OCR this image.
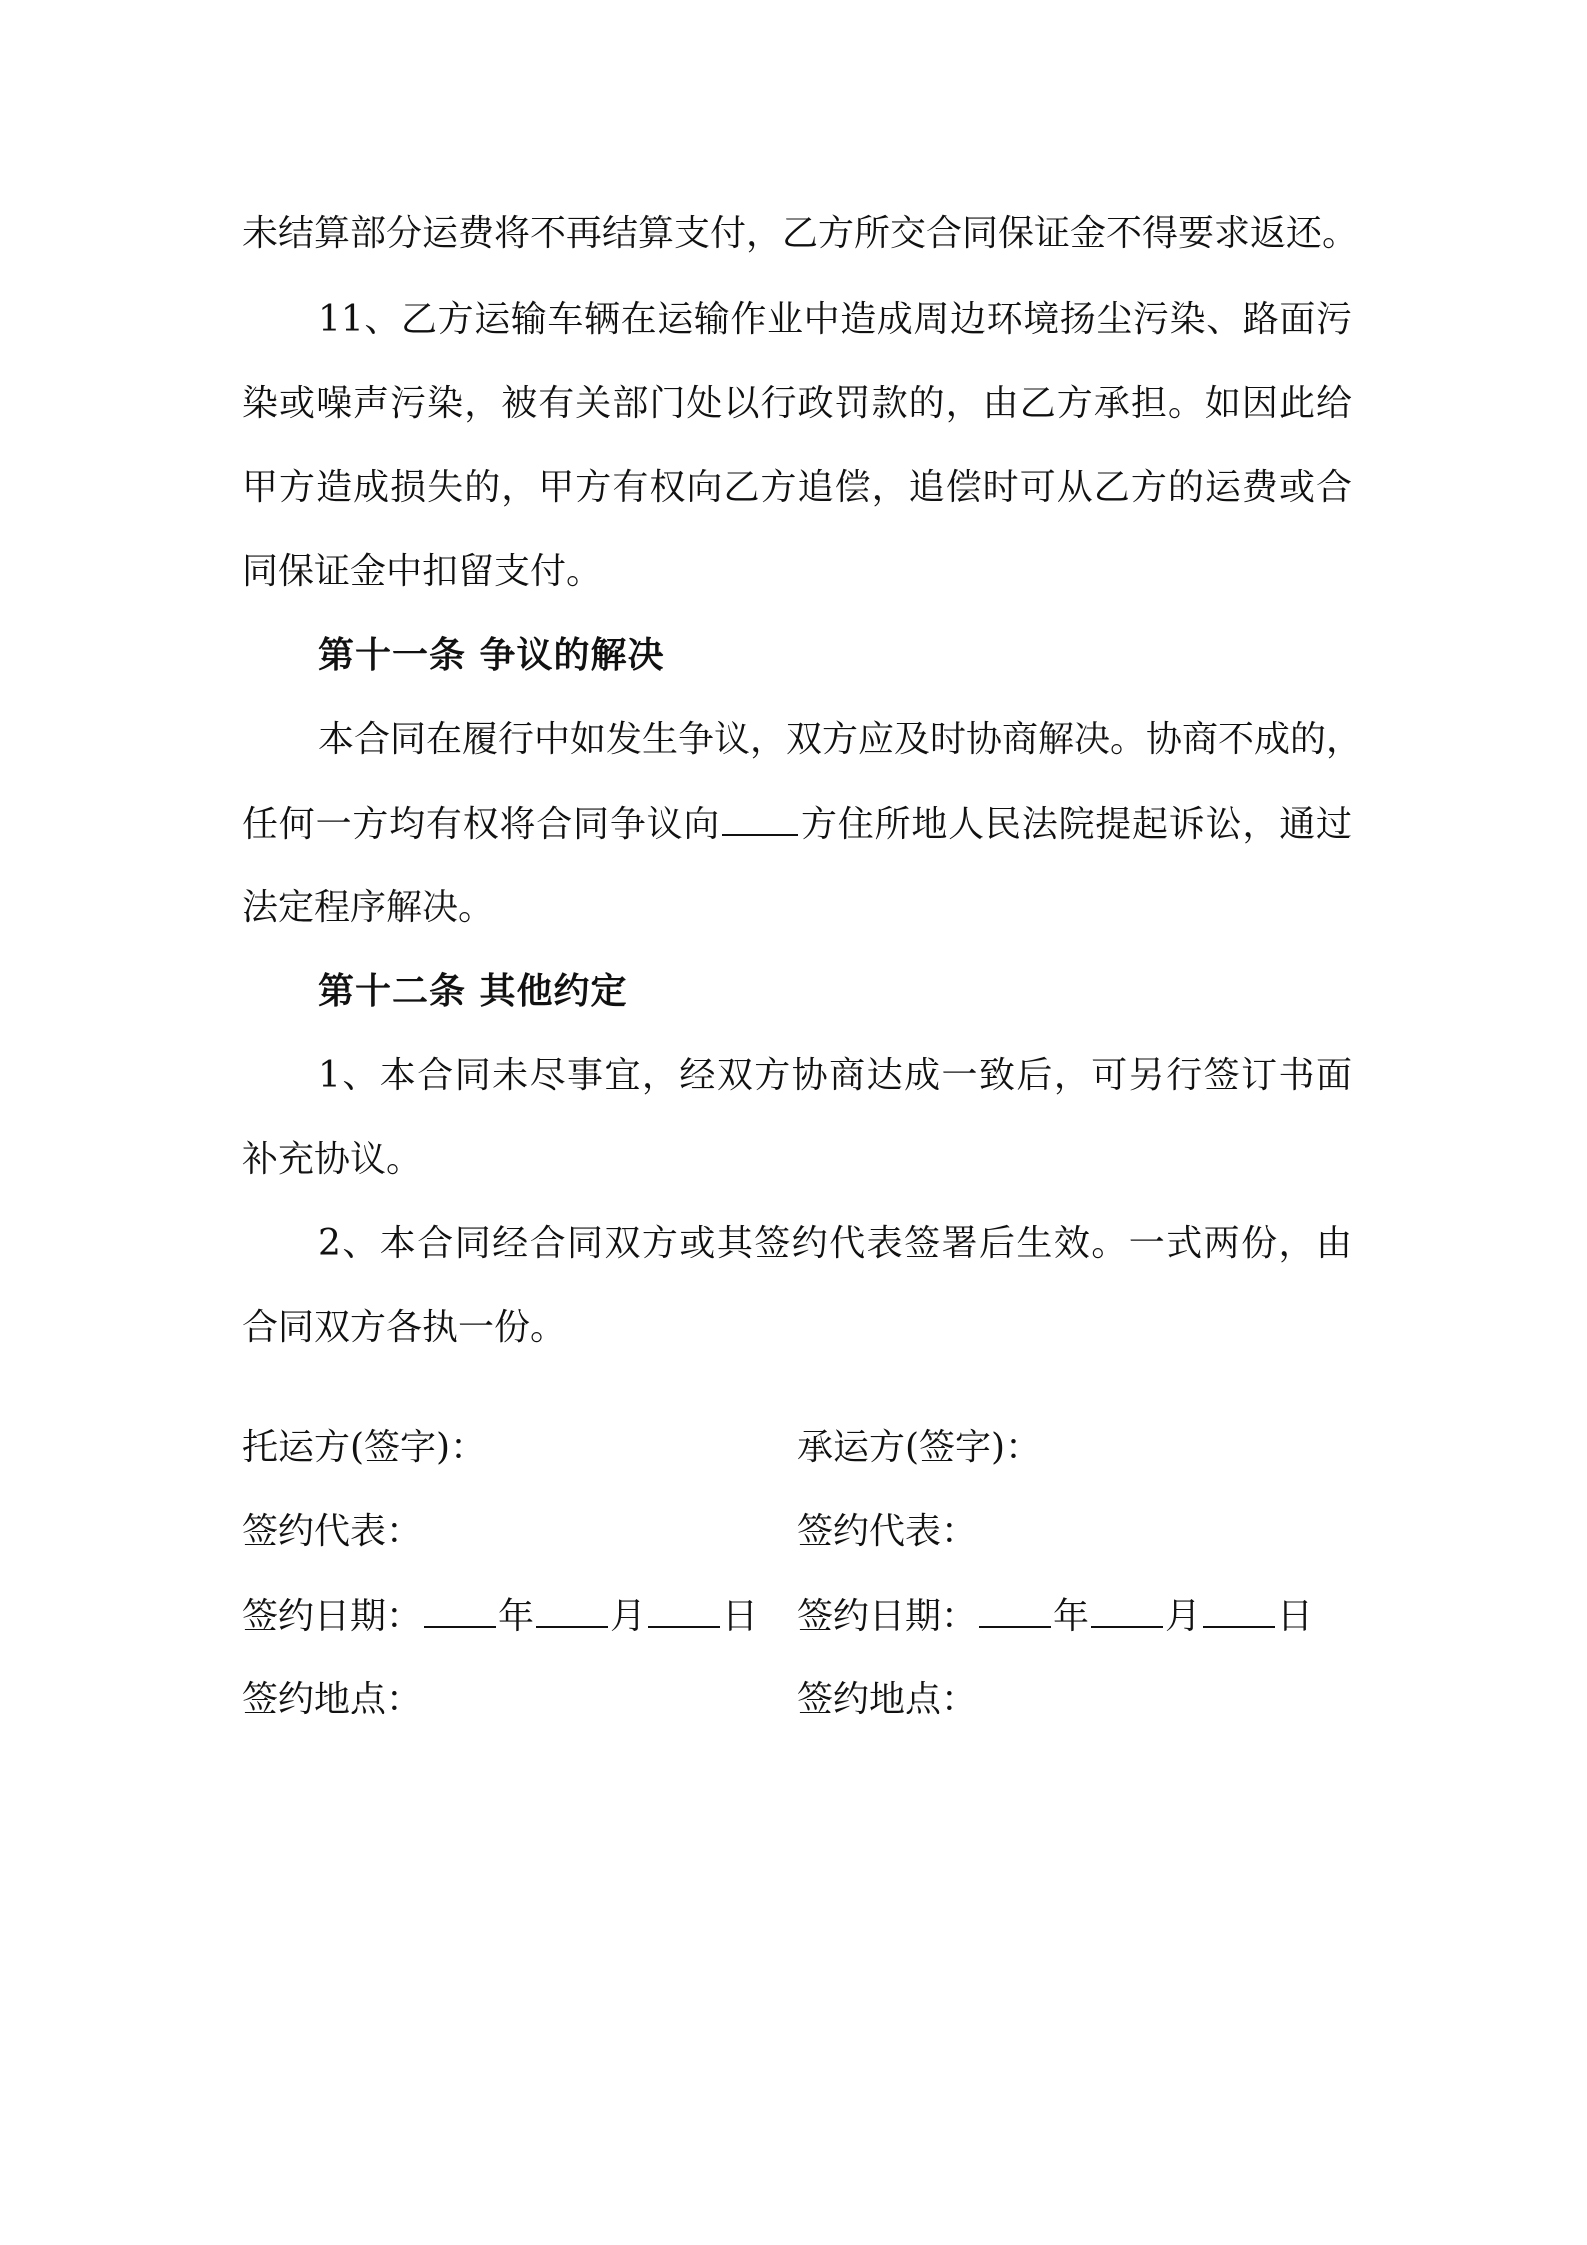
未结算部分运费将不再结算支付，乙方所交合同保证金不得要求返还。
11、乙方运输车辆在运输作业中造成周边环境扬尘污染、路面污
染或噪声污染，被有关部门处以行政罚款的，由乙方承担。如因此给
甲方造成损失的，甲方有权向乙方追偿，追偿时可从乙方的运费或合
同保证金中扣留支付。
第十一条 争议的解决
本合同在履行中如发生争议，双方应及时协商解决。协商不成的，
任何一方均有权将合同争议向 方住所地人民法院提起诉讼，通过
法定程序解决。
第十二条 其他约定
1、本合同未尽事宜，经双方协商达成一致后，可另行签订书面
补充协议。
2、本合同经合同双方或其签约代表签署后生效。一式两份，由
合同双方各执一份。
托运方(签字)：
签约代表：
签约日期： 年 月 日
签约地点：
承运方(签字)：
签约代表：
签约日期： 年 月 日
签约地点：
